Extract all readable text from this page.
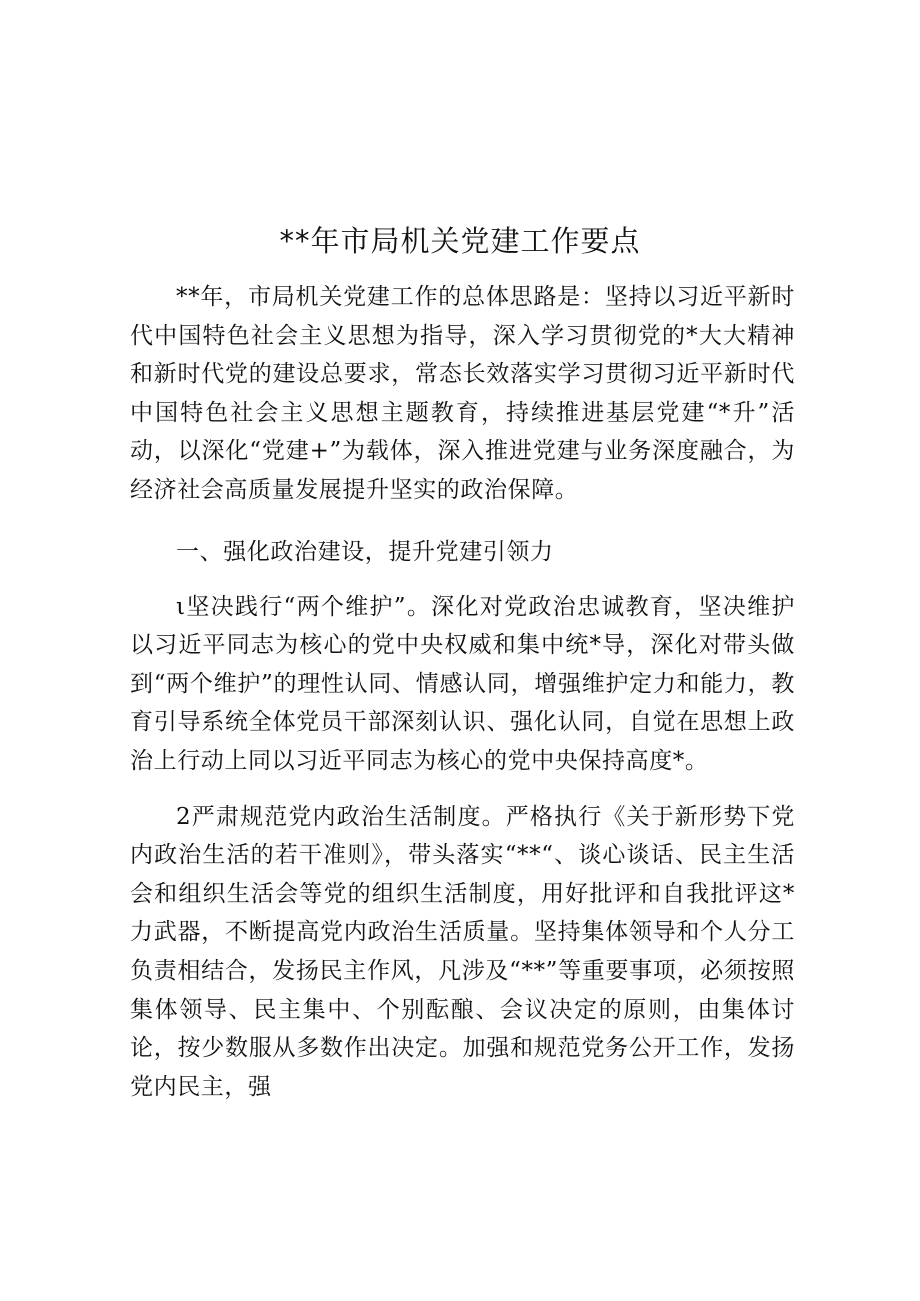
**年市局机关党建工作要点

**年，市局机关党建工作的总体思路是：坚持以习近平新时代中国特色社会主义思想为指导，深入学习贯彻党的*大大精神和新时代党的建设总要求，常态长效落实学习贯彻习近平新时代中国特色社会主义思想主题教育，持续推进基层党建“*升”活动，以深化“党建+”为载体，深入推进党建与业务深度融合，为经济社会高质量发展提升坚实的政治保障。

一、强化政治建设，提升党建引领力

ι坚决践行“两个维护”。深化对党政治忠诚教育，坚决维护以习近平同志为核心的党中央权威和集中统*导，深化对带头做到“两个维护”的理性认同、情感认同，增强维护定力和能力，教育引导系统全体党员干部深刻认识、强化认同，自觉在思想上政治上行动上同以习近平同志为核心的党中央保持高度*。

2严肃规范党内政治生活制度。严格执行《关于新形势下党内政治生活的若干准则》，带头落实“**“、谈心谈话、民主生活会和组织生活会等党的组织生活制度，用好批评和自我批评这*力武器，不断提高党内政治生活质量。坚持集体领导和个人分工负责相结合，发扬民主作风，凡涉及“**”等重要事项，必须按照集体领导、民主集中、个别酝酿、会议决定的原则，由集体讨论，按少数服从多数作出决定。加强和规范党务公开工作，发扬党内民主，强
